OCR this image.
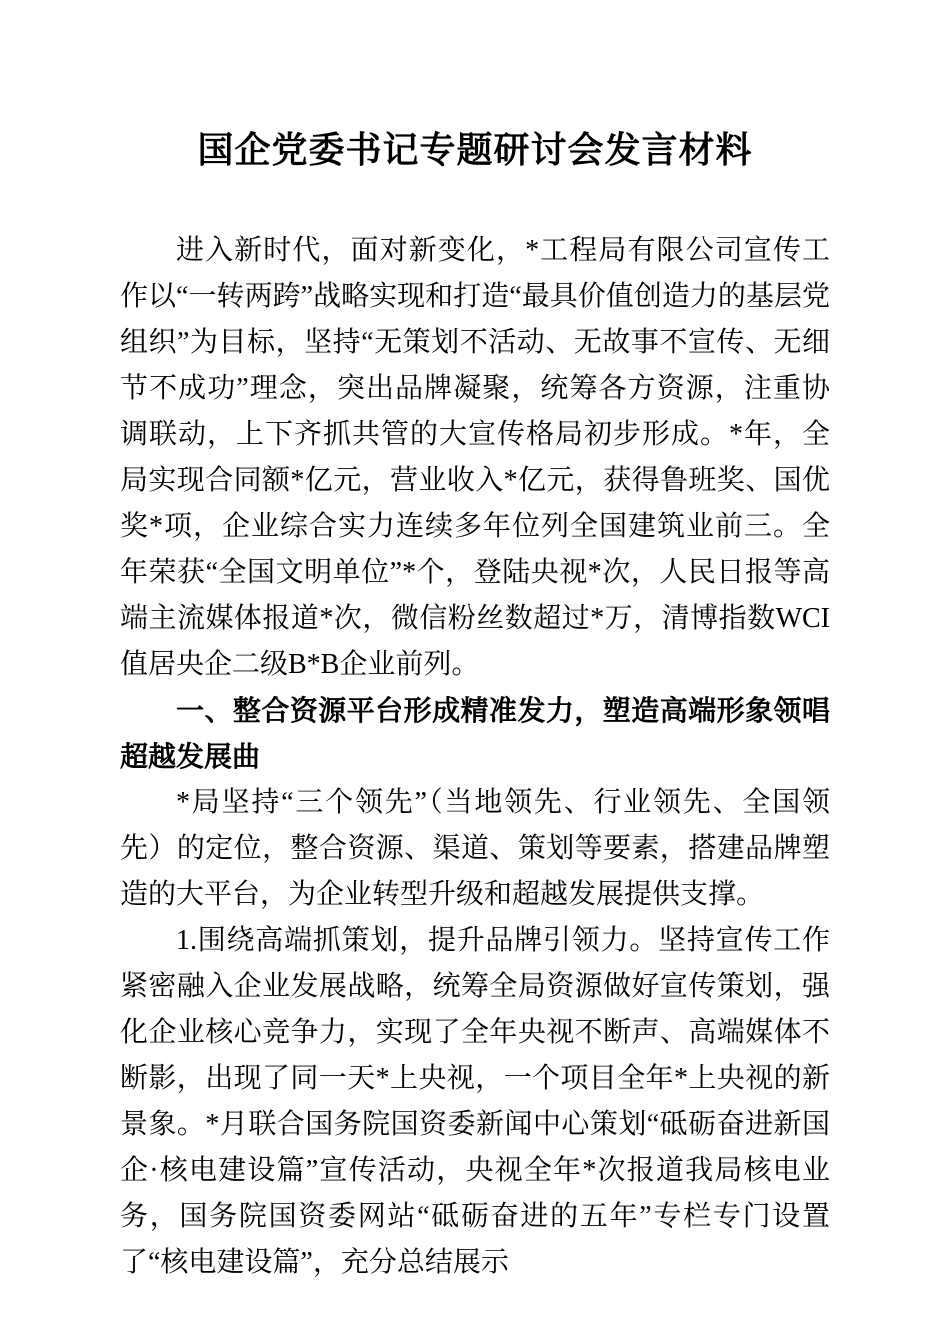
国企党委书记专题研讨会发言材料

进入新时代，面对新变化，*工程局有限公司宣传工作以“一转两跨”战略实现和打造“最具价值创造力的基层党组织”为目标，坚持“无策划不活动、无故事不宣传、无细节不成功”理念，突出品牌凝聚，统筹各方资源，注重协调联动，上下齐抓共管的大宣传格局初步形成。*年，全局实现合同额*亿元，营业收入*亿元，获得鲁班奖、国优奖*项，企业综合实力连续多年位列全国建筑业前三。全年荣获“全国文明单位”*个，登陆央视*次，人民日报等高端主流媒体报道*次，微信粉丝数超过*万，清博指数WCI值居央企二级B*B企业前列。

一、整合资源平台形成精准发力，塑造高端形象领唱超越发展曲

*局坚持“三个领先”（当地领先、行业领先、全国领先）的定位，整合资源、渠道、策划等要素，搭建品牌塑造的大平台，为企业转型升级和超越发展提供支撑。

1.围绕高端抓策划，提升品牌引领力。坚持宣传工作紧密融入企业发展战略，统筹全局资源做好宣传策划，强化企业核心竞争力，实现了全年央视不断声、高端媒体不断影，出现了同一天*上央视，一个项目全年*上央视的新景象。*月联合国务院国资委新闻中心策划“砥砺奋进新国企·核电建设篇”宣传活动，央视全年*次报道我局核电业务，国务院国资委网站“砥砺奋进的五年”专栏专门设置了“核电建设篇”，充分总结展示
